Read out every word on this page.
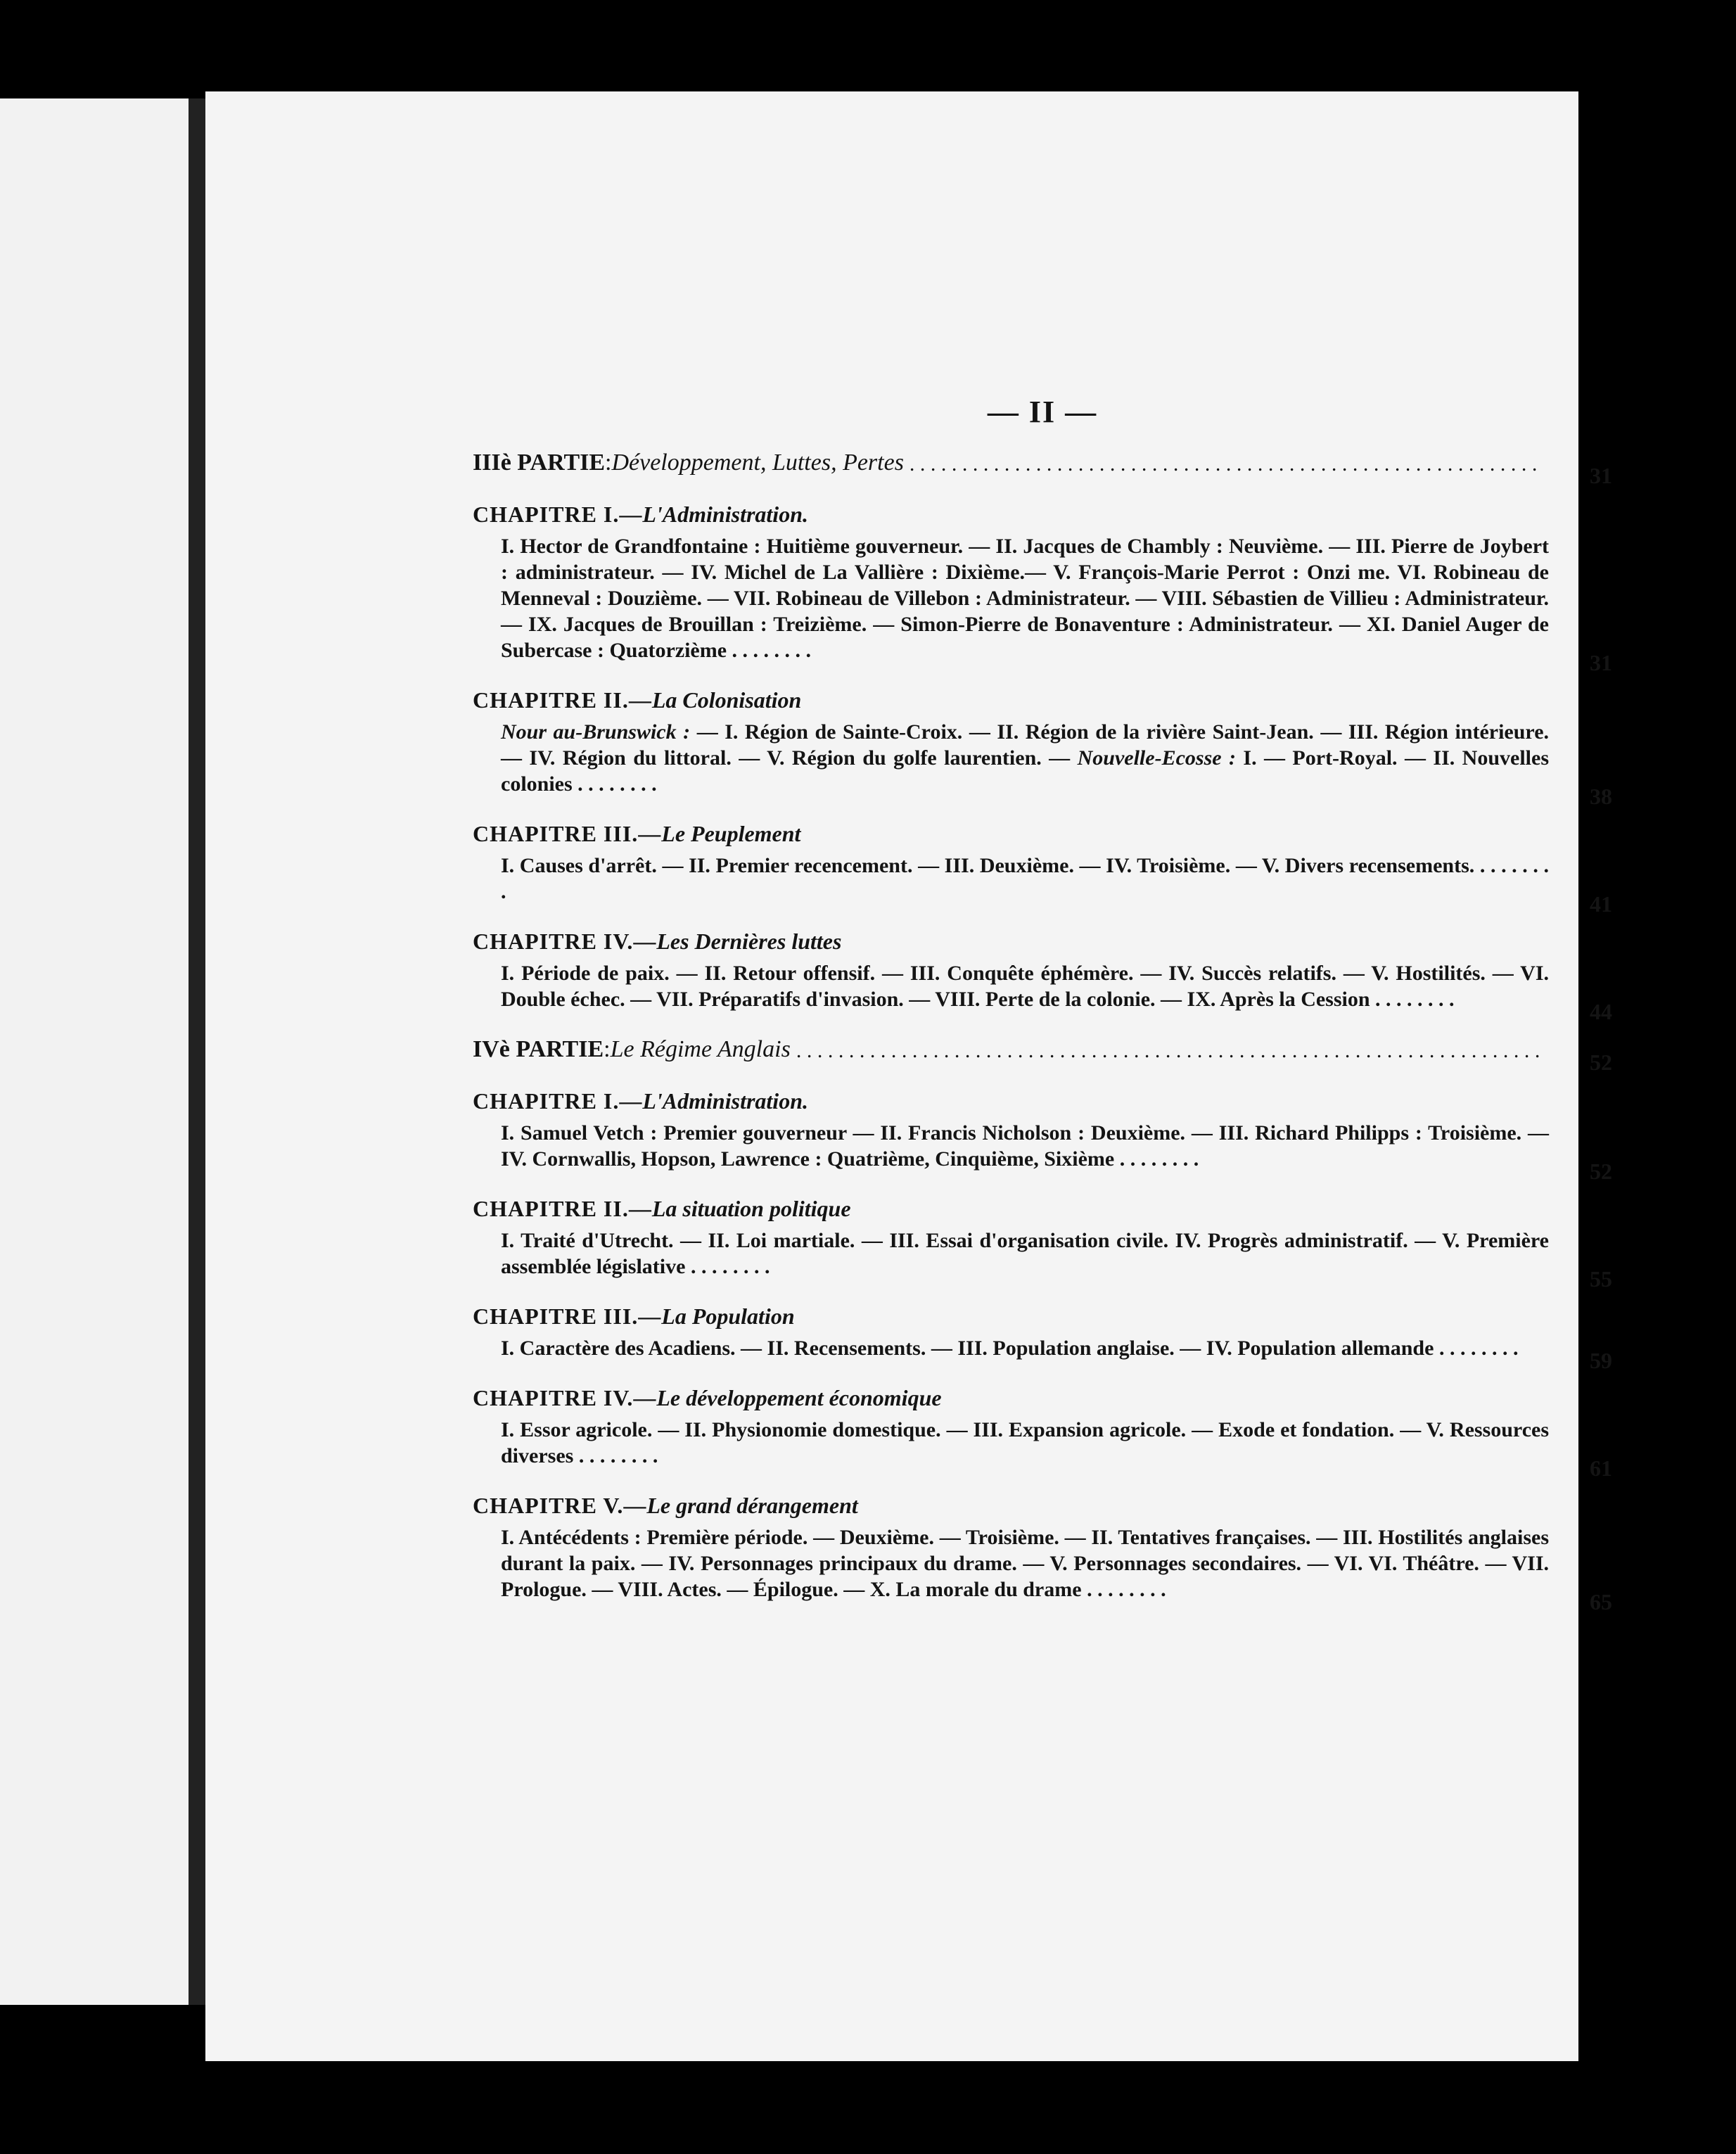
— II —
IIIè PARTIE : Développement, Luttes, Pertes . . .	31
CHAPITRE I.—L'Administration.
I. Hector de Grandfontaine : Huitième gouverneur. — II. Jacques de Chambly : Neuvième. — III. Pierre de Joybert : administrateur. — IV. Michel de La Vallière : Dixième.— V. François-Marie Perrot : Onzi me. VI. Robineau de Menneval : Douzième. — VII. Robineau de Villebon : Administrateur. — VIII. Sébastien de Villieu : Administrateur. — IX. Jacques de Brouillan : Treizième. — Simon-Pierre de Bonaventure : Administrateur. — XI. Daniel Auger de Subercase : Quatorzième . . . . . . . .	31
CHAPITRE II.—La Colonisation
Nour au-Brunswick : — I. Région de Sainte-Croix. — II. Région de la rivière Saint-Jean. — III. Région intérieure. — IV. Région du littoral. — V. Région du golfe laurentien. — Nouvelle-Ecosse : I. — Port-Royal. — II. Nouvelles colonies . . . . . . . .	38
CHAPITRE III.—Le Peuplement
I. Causes d'arrêt. — II. Premier recencement. — III. Deuxième. — IV. Troisième. — V. Divers recensements. . . . . . . . .	41
CHAPITRE IV.—Les Dernières luttes
I. Période de paix. — II. Retour offensif. — III. Conquête éphémère. — IV. Succès relatifs. — V. Hostilités. — VI. Double échec. — VII. Préparatifs d'invasion. — VIII. Perte de la colonie. — IX. Après la Cession . . . . . . . .	44
IVè PARTIE : Le Régime Anglais . . .	52
CHAPITRE I.—L'Administration.
I. Samuel Vetch : Premier gouverneur — II. Francis Nicholson : Deuxième. — III. Richard Philipps : Troisième. — IV. Cornwallis, Hopson, Lawrence : Quatrième, Cinquième, Sixième . . . . . . . .	52
CHAPITRE II.—La situation politique
I. Traité d'Utrecht. — II. Loi martiale. — III. Essai d'organisation civile. IV. Progrès administratif. — V. Première assemblée législative . . . . . . . .	55
CHAPITRE III.—La Population
I. Caractère des Acadiens. — II. Recensements. — III. Population anglaise. — IV. Population allemande . . . . . . . .	59
CHAPITRE IV.—Le développement économique
I. Essor agricole. — II. Physionomie domestique. — III. Expansion agricole. — Exode et fondation. — V. Ressources diverses . . . . . . . .	61
CHAPITRE V.—Le grand dérangement
I. Antécédents : Première période. — Deuxième. — Troisième. — II. Tentatives françaises. — III. Hostilités anglaises durant la paix. — IV. Personnages principaux du drame. — V. Personnages secondaires. — VI. VI. Théâtre. — VII. Prologue. — VIII. Actes. — Épilogue. — X. La morale du drame . . . . . . . .	65
